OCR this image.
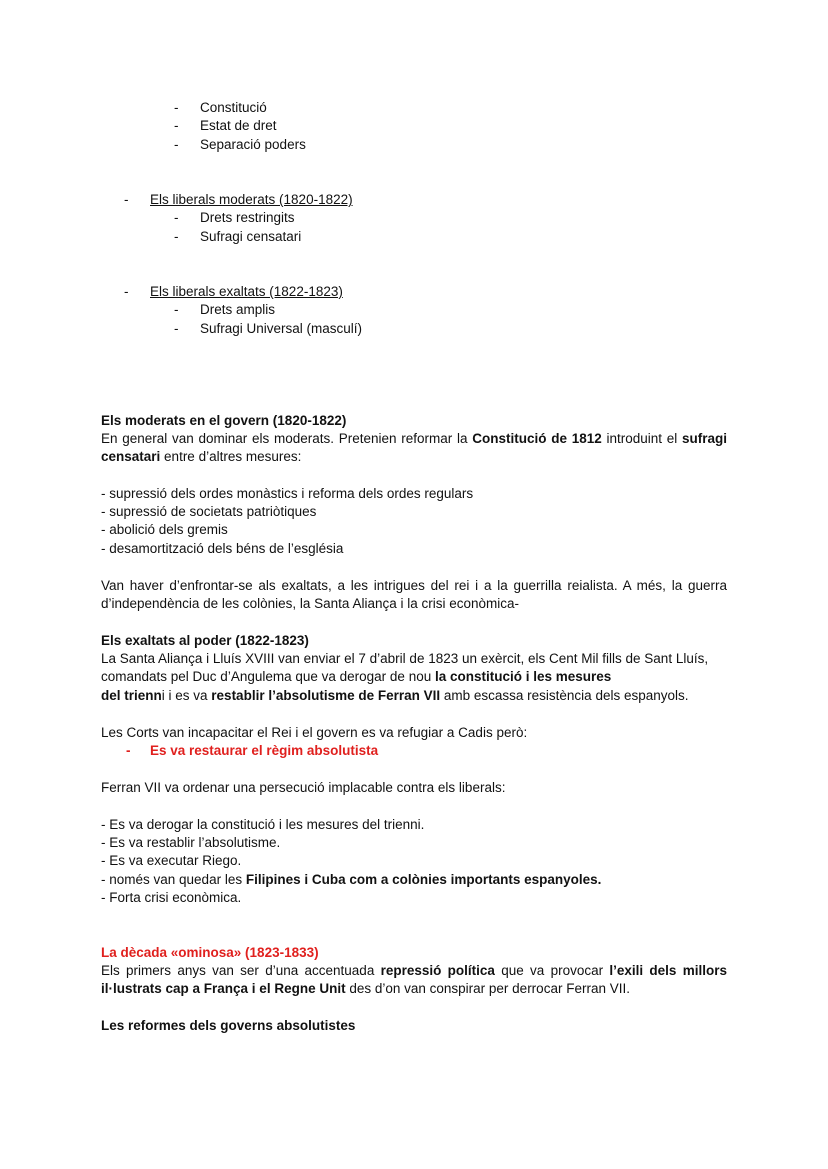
- Constitució
- Estat de dret
- Separació poders
- Els liberals moderats (1820-1822)
- Drets restringits
- Sufragi censatari
- Els liberals exaltats (1822-1823)
- Drets amplis
- Sufragi Universal (masculí)
Els moderats en el govern (1820-1822)
En general van dominar els moderats. Pretenien reformar la Constitució de 1812 introduint el sufragi censatari entre d’altres mesures:
- supressió dels ordes monàstics i reforma dels ordes regulars
- supressió de societats patriòtiques
- abolició dels gremis
- desamortització dels béns de l’església
Van haver d’enfrontar-se als exaltats, a les intrigues del rei i a la guerrilla reialista. A més, la guerra d’independència de les colònies, la Santa Aliança i la crisi econòmica-
Els exaltats al poder (1822-1823)
La Santa Aliança i Lluís XVIII van enviar el 7 d’abril de 1823 un exèrcit, els Cent Mil fills de Sant Lluís,
comandats pel Duc d’Angulema que va derogar de nou la constitució i les mesures
del trienni i es va restablir l’absolutisme de Ferran VII amb escassa resistència dels espanyols.
Les Corts van incapacitar el Rei i el govern es va refugiar a Cadis però:
- Es va restaurar el règim absolutista
Ferran VII va ordenar una persecució implacable contra els liberals:
- Es va derogar la constitució i les mesures del trienni.
- Es va restablir l’absolutisme.
- Es va executar Riego.
- només van quedar les Filipines i Cuba com a colònies importants espanyoles.
- Forta crisi econòmica.
La dècada «ominosa» (1823-1833)
Els primers anys van ser d’una accentuada repressió política que va provocar l’exili dels millors il·lustrats cap a França i el Regne Unit des d’on van conspirar per derrocar Ferran VII.
Les reformes dels governs absolutistes
